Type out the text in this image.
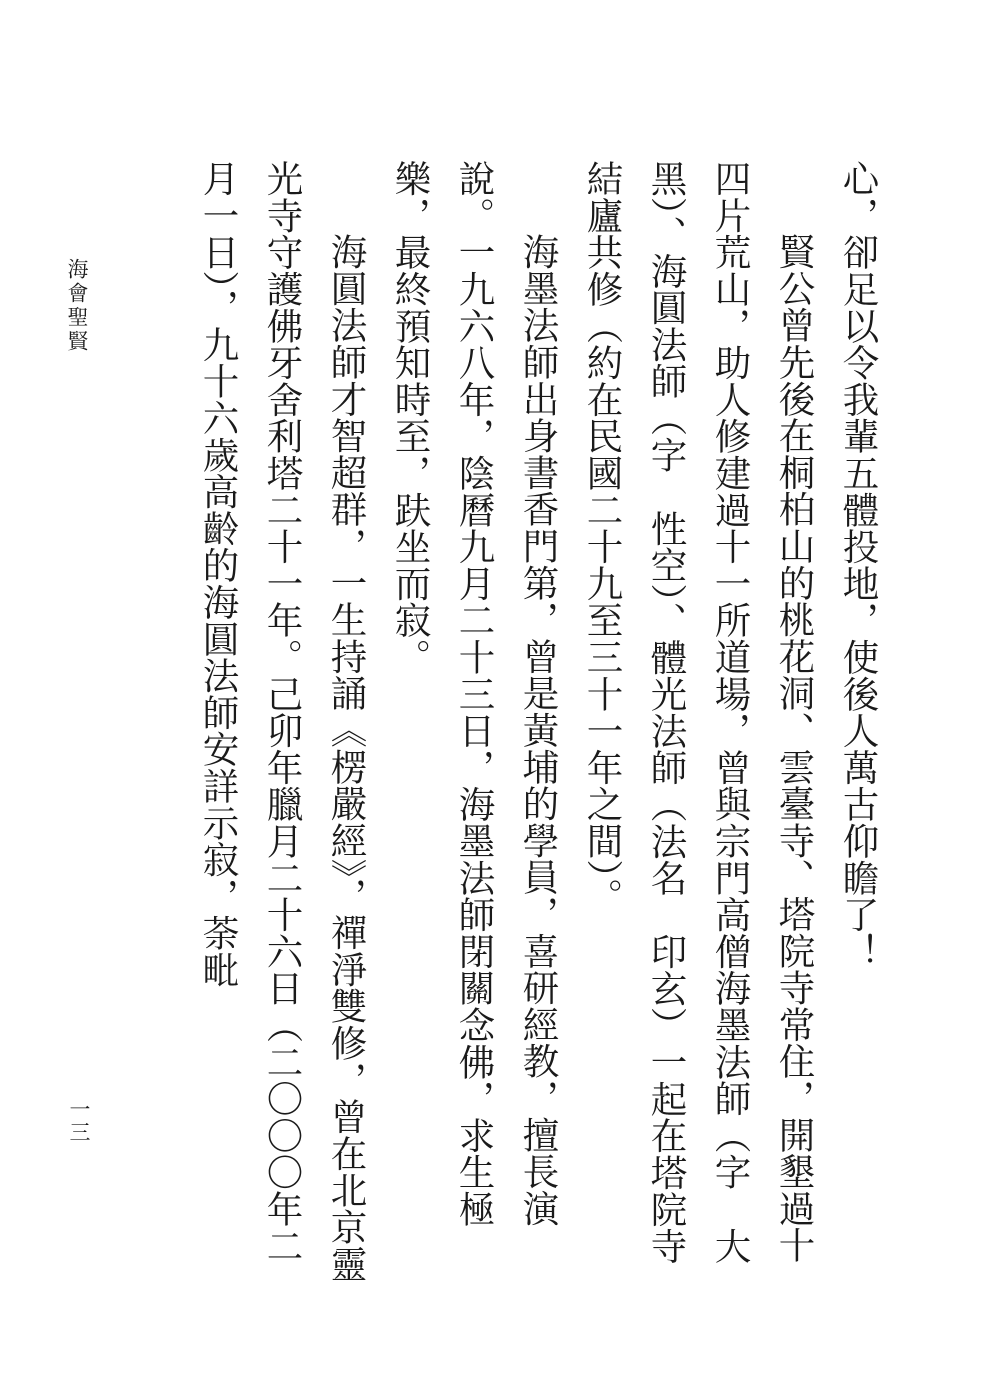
心，卻足以令我輩五體投地，使後人萬古仰瞻了！

賢公曾先後在桐柏山的桃花洞、雲臺寺、塔院寺常住，開墾過十四片荒山，助人修建過十一所道場，曾與宗門高僧海墨法師（字　大黑）、海圓法師（字　性空）、體光法師（法名　印玄）一起在塔院寺結廬共修（約在民國二十九至三十一年之間）。

海墨法師出身書香門第，曾是黃埔的學員，喜研經教，擅長演說。一九六八年，陰曆九月二十三日，海墨法師閉關念佛，求生極樂，最終預知時至，趺坐而寂。

海圓法師才智超群，一生持誦《楞嚴經》，禪淨雙修，曾在北京靈光寺守護佛牙舍利塔二十一年。己卯年臘月二十六日（二〇〇〇年二月一日），九十六歲高齡的海圓法師安詳示寂，荼毗

海會聖賢
一三
